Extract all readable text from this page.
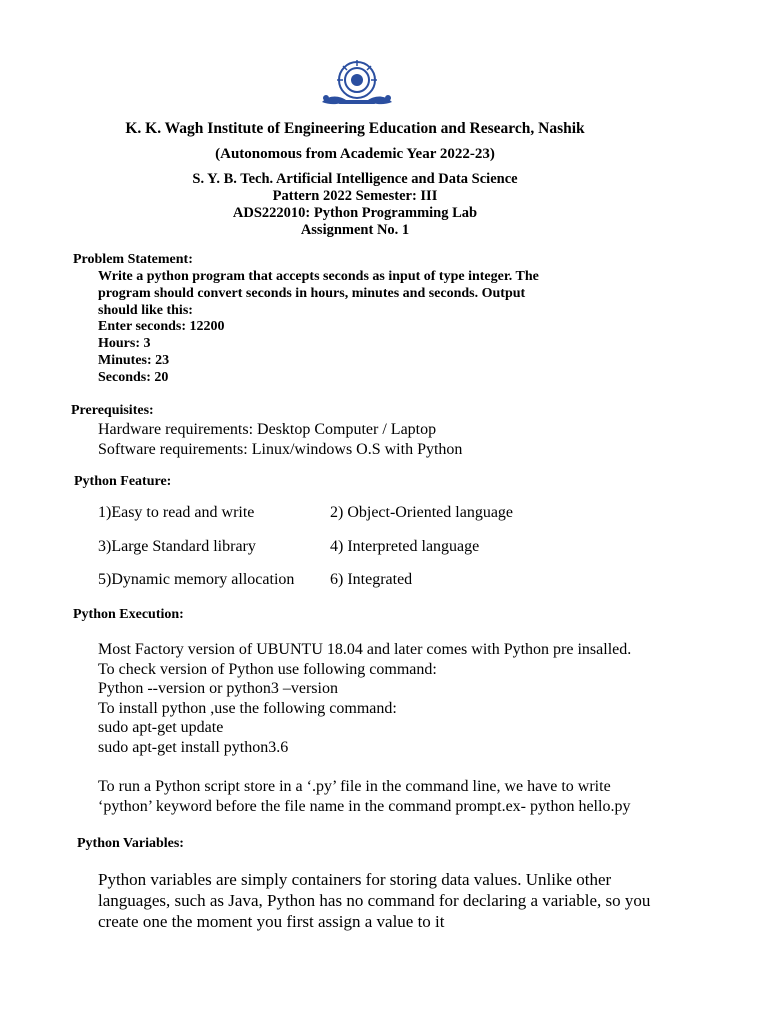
K. K. Wagh Institute of Engineering Education and Research, Nashik
(Autonomous from Academic Year 2022-23)
S. Y. B. Tech. Artificial Intelligence and Data Science
Pattern 2022 Semester: III
ADS222010: Python Programming Lab
Assignment No. 1
Problem Statement:
Write a python program that accepts seconds as input of type integer. The
program should convert seconds in hours, minutes and seconds. Output
should like this:
Enter seconds: 12200
Hours: 3
Minutes: 23
Seconds: 20
Prerequisites:
Hardware requirements: Desktop Computer / Laptop
Software requirements: Linux/windows O.S with Python
Python Feature:
1)Easy to read and write	2) Object-Oriented language
3)Large Standard library	4) Interpreted language
5)Dynamic memory allocation 6) Integrated
Python Execution:
Most Factory version of UBUNTU 18.04 and later comes with Python pre insalled.
To check version of Python use following command:
Python --version or python3 –version
To install python ,use the following command:
sudo apt-get update
sudo apt-get install python3.6
To run a Python script store in a ‘.py’ file in the command line, we have to write
‘python’ keyword before the file name in the command prompt.ex- python hello.py
Python Variables:
Python variables are simply containers for storing data values. Unlike other
languages, such as Java, Python has no command for declaring a variable, so you
create one the moment you first assign a value to it
